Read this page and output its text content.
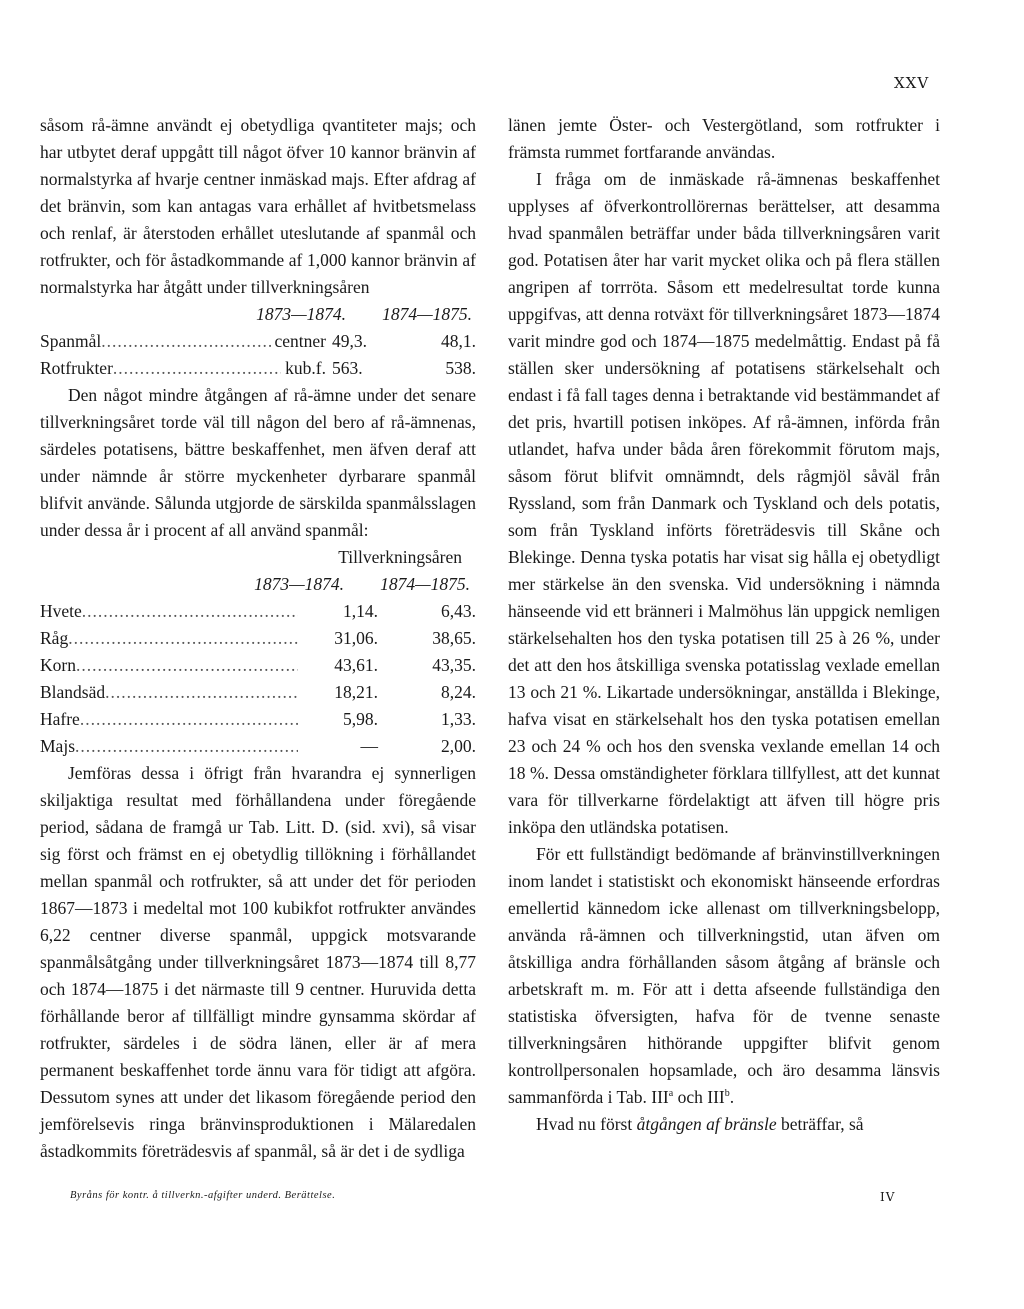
XXV

såsom rå-ämne användt ej obetydliga qvantiteter majs; och har utbytet deraf uppgått till något öfver 10 kannor bränvin af normalstyrka af hvarje centner inmäskad majs. Efter afdrag af det bränvin, som kan antagas vara erhållet af hvitbetsmelass och renlaf, är återstoden erhållet uteslutande af spanmål och rotfrukter, och för åstadkommande af 1,000 kannor bränvin af normalstyrka har åtgått under tillverkningsåren

1873—1874. 1874—1875.
Spanmål .....	centner 49,3.	48,1.
Rotfrukter .....	kub.f. 563.	538.

Den något mindre åtgången af rå-ämne under det senare tillverkningsåret torde väl till någon del bero af rå-ämnenas, särdeles potatisens, bättre beskaffenhet, men äfven deraf att under nämnde år större myckenheter dyrbarare spanmål blifvit använde. Sålunda utgjorde de särskilda spanmålsslagen under dessa år i procent af all använd spanmål:

Tillverkningsåren
1873—1874. 1874—1875.
Hvete .....	1,14.	6,43.
Råg .....	31,06.	38,65.
Korn .....	43,61.	43,35.
Blandsäd .....	18,21.	8,24.
Hafre .....	5,98.	1,33.
Majs .....	—	2,00.

Jemföras dessa i öfrigt från hvarandra ej synnerligen skiljaktiga resultat med förhållandena under föregående period, sådana de framgå ur Tab. Litt. D. (sid. xvi), så visar sig först och främst en ej obetydlig tillökning i förhållandet mellan spanmål och rotfrukter, så att under det för perioden 1867—1873 i medeltal mot 100 kubikfot rotfrukter användes 6,22 centner diverse spanmål, uppgick motsvarande spanmålsåtgång under tillverkningsåret 1873—1874 till 8,77 och 1874—1875 i det närmaste till 9 centner. Huruvida detta förhållande beror af tillfälligt mindre gynsamma skördar af rotfrukter, särdeles i de södra länen, eller är af mera permanent beskaffenhet torde ännu vara för tidigt att afgöra. Dessutom synes att under det likasom föregående period den jemförelsevis ringa bränvinsproduktionen i Mälaredalen åstadkommits företrädesvis af spanmål, så är det i de sydliga

länen jemte Öster- och Vestergötland, som rotfrukter i främsta rummet fortfarande användas.

I fråga om de inmäskade rå-ämnenas beskaffenhet upplyses af öfverkontrollörernas berättelser, att desamma hvad spanmålen beträffar under båda tillverkningsåren varit god. Potatisen åter har varit mycket olika och på flera ställen angripen af torrröta. Såsom ett medelresultat torde kunna uppgifvas, att denna rotväxt för tillverkningsåret 1873—1874 varit mindre god och 1874—1875 medelmåttig. Endast på få ställen sker undersökning af potatisens stärkelsehalt och endast i få fall tages denna i betraktande vid bestämmandet af det pris, hvartill potisen inköpes. Af rå-ämnen, införda från utlandet, hafva under båda åren förekommit förutom majs, såsom förut blifvit omnämndt, dels rågmjöl såväl från Ryssland, som från Danmark och Tyskland och dels potatis, som från Tyskland införts företrädesvis till Skåne och Blekinge. Denna tyska potatis har visat sig hålla ej obetydligt mer stärkelse än den svenska. Vid undersökning i nämnda hänseende vid ett bränneri i Malmöhus län uppgick nemligen stärkelsehalten hos den tyska potatisen till 25 à 26 %, under det att den hos åtskilliga svenska potatisslag vexlade emellan 13 och 21 %. Likartade undersökningar, anställda i Blekinge, hafva visat en stärkelsehalt hos den tyska potatisen emellan 23 och 24 % och hos den svenska vexlande emellan 14 och 18 %. Dessa omständigheter förklara tillfyllest, att det kunnat vara för tillverkarne fördelaktigt att äfven till högre pris inköpa den utländska potatisen.

För ett fullständigt bedömande af bränvinstillverkningen inom landet i statistiskt och ekonomiskt hänseende erfordras emellertid kännedom icke allenast om tillverkningsbelopp, använda rå-ämnen och tillverkningstid, utan äfven om åtskilliga andra förhållanden såsom åtgång af bränsle och arbetskraft m. m. För att i detta afseende fullständiga den statistiska öfversigten, hafva för de tvenne senaste tillverkningsåren hithörande uppgifter blifvit genom kontrollpersonalen hopsamlade, och äro desamma länsvis sammanförda i Tab. III$^a$ och III$^b$.

Hvad nu först åtgången af bränsle beträffar, så

Byråns för kontr. å tillverkn.-afgifter underd. Berättelse.	IV
